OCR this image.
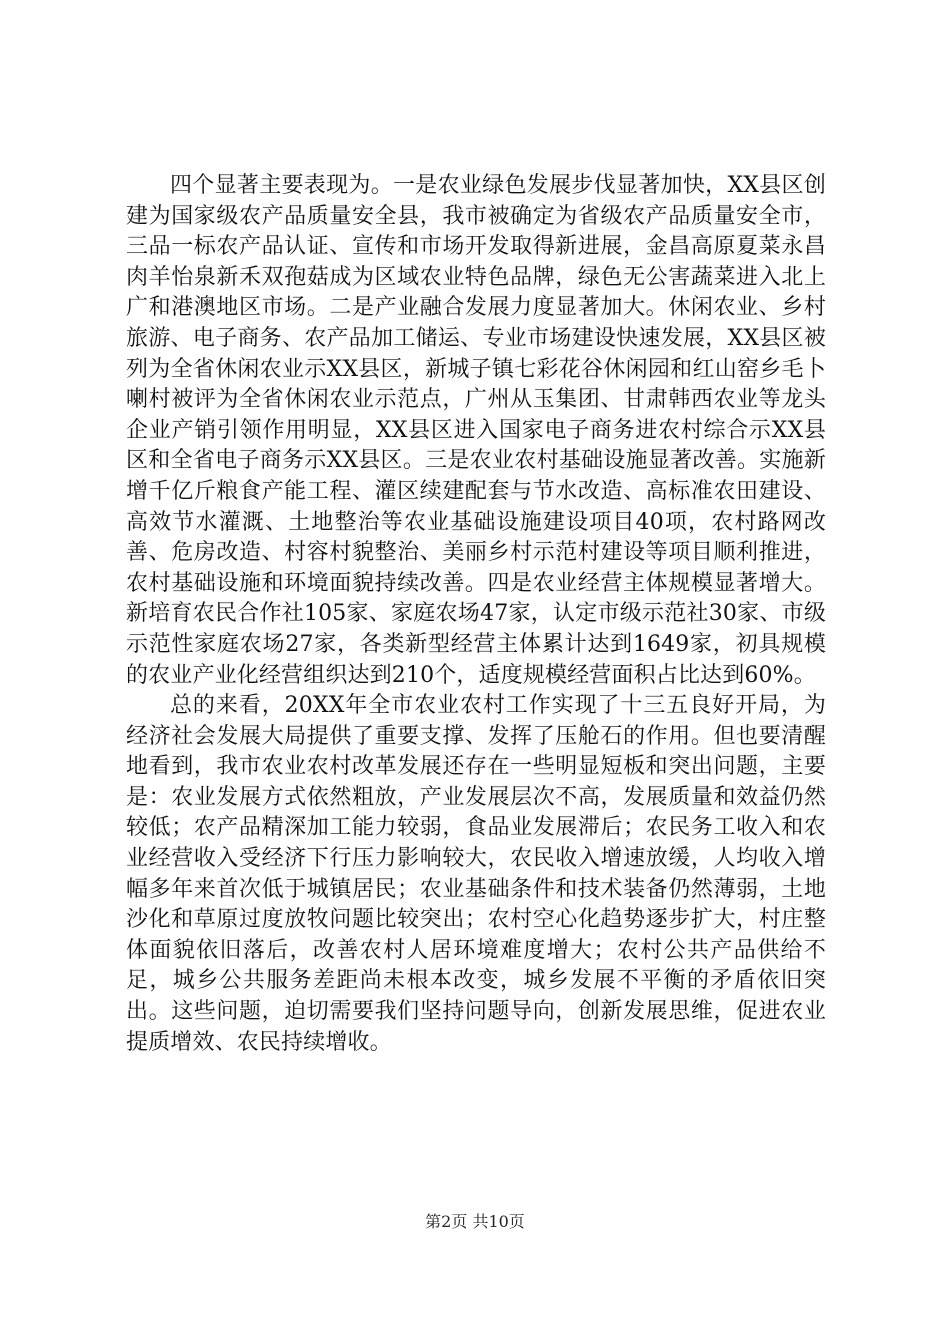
四个显著主要表现为。一是农业绿色发展步伐显著加快，XX县区创建为国家级农产品质量安全县，我市被确定为省级农产品质量安全市，三品一标农产品认证、宣传和市场开发取得新进展，金昌高原夏菜永昌肉羊怡泉新禾双孢菇成为区域农业特色品牌，绿色无公害蔬菜进入北上广和港澳地区市场。二是产业融合发展力度显著加大。休闲农业、乡村旅游、电子商务、农产品加工储运、专业市场建设快速发展，XX县区被列为全省休闲农业示XX县区，新城子镇七彩花谷休闲园和红山窑乡毛卜喇村被评为全省休闲农业示范点，广州从玉集团、甘肃韩西农业等龙头企业产销引领作用明显，XX县区进入国家电子商务进农村综合示XX县区和全省电子商务示XX县区。三是农业农村基础设施显著改善。实施新增千亿斤粮食产能工程、灌区续建配套与节水改造、高标准农田建设、高效节水灌溉、土地整治等农业基础设施建设项目40项，农村路网改善、危房改造、村容村貌整治、美丽乡村示范村建设等项目顺利推进，农村基础设施和环境面貌持续改善。四是农业经营主体规模显著增大。新培育农民合作社105家、家庭农场47家，认定市级示范社30家、市级示范性家庭农场27家，各类新型经营主体累计达到1649家，初具规模的农业产业化经营组织达到210个，适度规模经营面积占比达到60%。

总的来看，20XX年全市农业农村工作实现了十三五良好开局，为经济社会发展大局提供了重要支撑、发挥了压舱石的作用。但也要清醒地看到，我市农业农村改革发展还存在一些明显短板和突出问题，主要是：农业发展方式依然粗放，产业发展层次不高，发展质量和效益仍然较低；农产品精深加工能力较弱，食品业发展滞后；农民务工收入和农业经营收入受经济下行压力影响较大，农民收入增速放缓，人均收入增幅多年来首次低于城镇居民；农业基础条件和技术装备仍然薄弱，土地沙化和草原过度放牧问题比较突出；农村空心化趋势逐步扩大，村庄整体面貌依旧落后，改善农村人居环境难度增大；农村公共产品供给不足，城乡公共服务差距尚未根本改变，城乡发展不平衡的矛盾依旧突出。这些问题，迫切需要我们坚持问题导向，创新发展思维，促进农业提质增效、农民持续增收。

第2页 共10页
